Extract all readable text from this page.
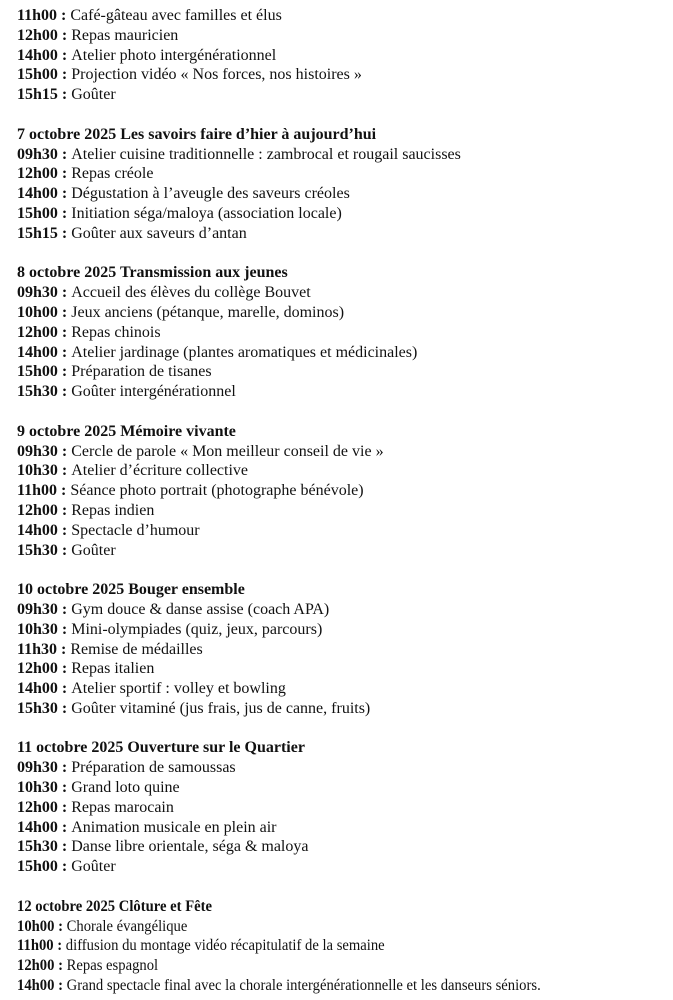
11h00 : Café-gâteau avec familles et élus
12h00 : Repas mauricien
14h00 : Atelier photo intergénérationnel
15h00 : Projection vidéo « Nos forces, nos histoires »
15h15 : Goûter
7 octobre 2025 Les savoirs faire d’hier à aujourd’hui
09h30 : Atelier cuisine traditionnelle : zambrocal et rougail saucisses
12h00 : Repas créole
14h00 : Dégustation à l’aveugle des saveurs créoles
15h00 : Initiation séga/maloya (association locale)
15h15 : Goûter aux saveurs d’antan
8 octobre 2025 Transmission aux jeunes
09h30 : Accueil des élèves du collège Bouvet
10h00 : Jeux anciens (pétanque, marelle, dominos)
12h00 : Repas chinois
14h00 : Atelier jardinage (plantes aromatiques et médicinales)
15h00 : Préparation de tisanes
15h30 : Goûter intergénérationnel
9 octobre 2025 Mémoire vivante
09h30 : Cercle de parole « Mon meilleur conseil de vie »
10h30 : Atelier d’écriture collective
11h00 : Séance photo portrait (photographe bénévole)
12h00 : Repas indien
14h00 : Spectacle d’humour
15h30 : Goûter
10 octobre 2025 Bouger ensemble
09h30 : Gym douce & danse assise (coach APA)
10h30 : Mini-olympiades (quiz, jeux, parcours)
11h30 : Remise de médailles
12h00 : Repas italien
14h00 : Atelier sportif : volley et bowling
15h30 : Goûter vitaminé (jus frais, jus de canne, fruits)
11 octobre 2025 Ouverture sur le Quartier
09h30 : Préparation de samoussas
10h30 : Grand loto quine
12h00 : Repas marocain
14h00 : Animation musicale en plein air
15h30 : Danse libre orientale, séga & maloya
15h00 : Goûter
12 octobre 2025 Clôture et Fête
10h00 : Chorale évangélique
11h00 : diffusion du montage vidéo récapitulatif de la semaine
12h00 : Repas espagnol
14h00 : Grand spectacle final avec la chorale intergénérationnelle et les danseurs séniors.
